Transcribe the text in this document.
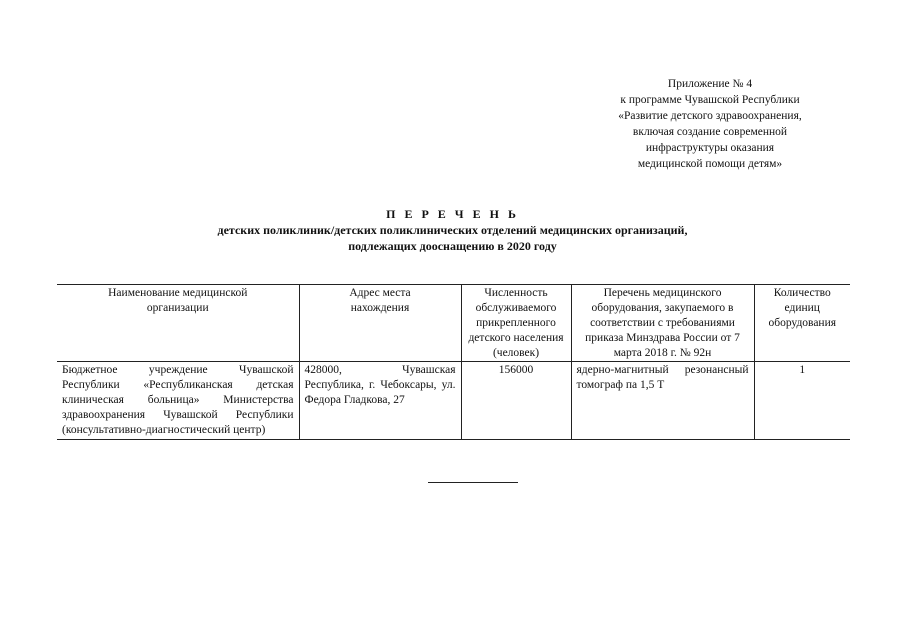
Приложение № 4
к программе Чувашской Республики
«Развитие детского здравоохранения,
включая создание современной
инфраструктуры оказания
медицинской помощи детям»
П Е Р Е Ч Е Н Ь
детских поликлиник/детских поликлинических отделений медицинских организаций,
подлежащих дооснащению в 2020 году
Наименование медицинской организации	Адрес места нахождения	Численность обслуживаемого прикрепленного детского населения (человек)	Перечень медицинского оборудования, закупаемого в соответствии с требованиями приказа Минздрава России от 7 марта 2018 г. № 92н	Количество единиц оборудования
Бюджетное учреждение Чувашской Республики «Республиканская детская клиническая больница» Министерства здравоохранения Чувашской Республики (консультативно-диагностический центр)	428000, Чувашская Республика, г. Чебоксары, ул. Федора Гладкова, 27	156000	ядерно-магнитный резонансный томограф па 1,5 Т	1
